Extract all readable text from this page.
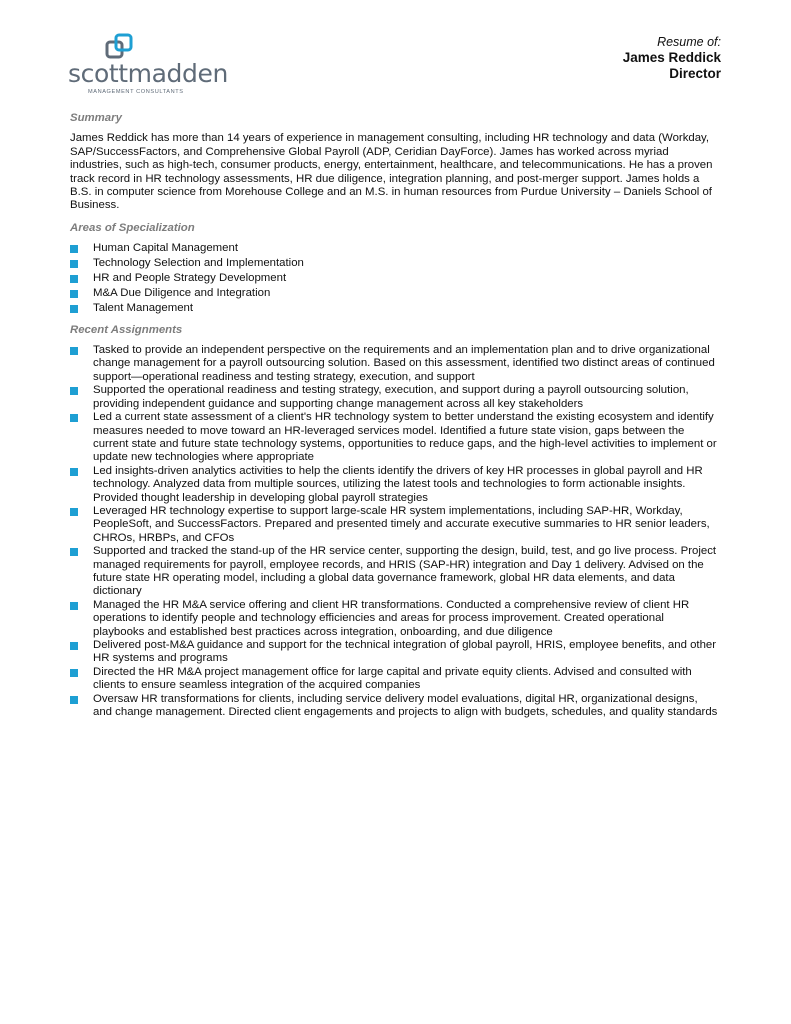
scottmadden
MANAGEMENT CONSULTANTS
Resume of:
James Reddick
Director
Summary

James Reddick has more than 14 years of experience in management consulting, including HR technology and data (Workday, SAP/SuccessFactors, and Comprehensive Global Payroll (ADP, Ceridian DayForce). James has worked across myriad industries, such as high-tech, consumer products, energy, entertainment, healthcare, and telecommunications. He has a proven track record in HR technology assessments, HR due diligence, integration planning, and post-merger support. James holds a B.S. in computer science from Morehouse College and an M.S. in human resources from Purdue University – Daniels School of Business.

Areas of Specialization
Human Capital Management
Technology Selection and Implementation
HR and People Strategy Development
M&A Due Diligence and Integration
Talent Management
Recent Assignments
Tasked to provide an independent perspective on the requirements and an implementation plan and to drive organizational change management for a payroll outsourcing solution. Based on this assessment, identified two distinct areas of continued support—operational readiness and testing strategy, execution, and support
Supported the operational readiness and testing strategy, execution, and support during a payroll outsourcing solution, providing independent guidance and supporting change management across all key stakeholders
Led a current state assessment of a client's HR technology system to better understand the existing ecosystem and identify measures needed to move toward an HR-leveraged services model. Identified a future state vision, gaps between the current state and future state technology systems, opportunities to reduce gaps, and the high-level activities to implement or update new technologies where appropriate
Led insights-driven analytics activities to help the clients identify the drivers of key HR processes in global payroll and HR technology. Analyzed data from multiple sources, utilizing the latest tools and technologies to form actionable insights. Provided thought leadership in developing global payroll strategies
Leveraged HR technology expertise to support large-scale HR system implementations, including SAP-HR, Workday, PeopleSoft, and SuccessFactors. Prepared and presented timely and accurate executive summaries to HR senior leaders, CHROs, HRBPs, and CFOs
Supported and tracked the stand-up of the HR service center, supporting the design, build, test, and go live process. Project managed requirements for payroll, employee records, and HRIS (SAP-HR) integration and Day 1 delivery. Advised on the future state HR operating model, including a global data governance framework, global HR data elements, and data dictionary
Managed the HR M&A service offering and client HR transformations. Conducted a comprehensive review of client HR operations to identify people and technology efficiencies and areas for process improvement. Created operational playbooks and established best practices across integration, onboarding, and due diligence
Delivered post-M&A guidance and support for the technical integration of global payroll, HRIS, employee benefits, and other HR systems and programs
Directed the HR M&A project management office for large capital and private equity clients. Advised and consulted with clients to ensure seamless integration of the acquired companies
Oversaw HR transformations for clients, including service delivery model evaluations, digital HR, organizational designs, and change management. Directed client engagements and projects to align with budgets, schedules, and quality standards
